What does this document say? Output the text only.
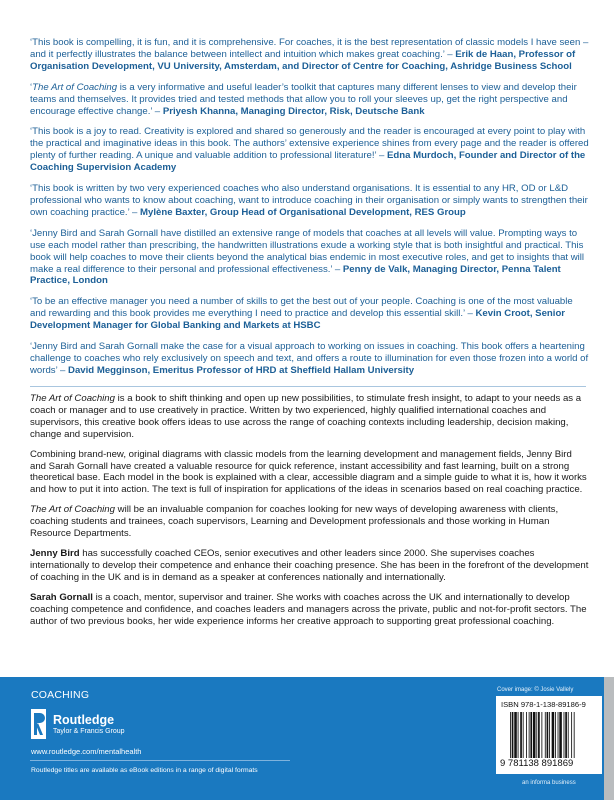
‘This book is compelling, it is fun, and it is comprehensive. For coaches, it is the best representation of classic models I have seen – and it perfectly illustrates the balance between intellect and intuition which makes great coaching.’ – Erik de Haan, Professor of Organisation Development, VU University, Amsterdam, and Director of Centre for Coaching, Ashridge Business School

‘The Art of Coaching is a very informative and useful leader’s toolkit that captures many different lenses to view and develop their teams and themselves. It provides tried and tested methods that allow you to roll your sleeves up, get the right perspective and encourage effective change.’ – Priyesh Khanna, Managing Director, Risk, Deutsche Bank

‘This book is a joy to read. Creativity is explored and shared so generously and the reader is encouraged at every point to play with the practical and imaginative ideas in this book. The authors’ extensive experience shines from every page and the reader is offered plenty of further reading. A unique and valuable addition to professional literature!’ – Edna Murdoch, Founder and Director of the Coaching Supervision Academy

‘This book is written by two very experienced coaches who also understand organisations. It is essential to any HR, OD or L&D professional who wants to know about coaching, want to introduce coaching in their organisation or simply wants to strengthen their own coaching practice.’ – Mylène Baxter, Group Head of Organisational Development, RES Group

‘Jenny Bird and Sarah Gornall have distilled an extensive range of models that coaches at all levels will value. Prompting ways to use each model rather than prescribing, the handwritten illustrations exude a working style that is both insightful and practical. This book will help coaches to move their clients beyond the analytical bias endemic in most executive roles, and get to insights that will make a real difference to their personal and professional effectiveness.’ – Penny de Valk, Managing Director, Penna Talent Practice, London

‘To be an effective manager you need a number of skills to get the best out of your people. Coaching is one of the most valuable and rewarding and this book provides me everything I need to practice and develop this essential skill.’ – Kevin Croot, Senior Development Manager for Global Banking and Markets at HSBC

‘Jenny Bird and Sarah Gornall make the case for a visual approach to working on issues in coaching. This book offers a heartening challenge to coaches who rely exclusively on speech and text, and offers a route to illumination for even those frozen into a world of words’ – David Megginson, Emeritus Professor of HRD at Sheffield Hallam University

The Art of Coaching is a book to shift thinking and open up new possibilities, to stimulate fresh insight, to adapt to your needs as a coach or manager and to use creatively in practice. Written by two experienced, highly qualified international coaches and supervisors, this creative book offers ideas to use across the range of coaching contexts including leadership, decision making, change and supervision.

Combining brand-new, original diagrams with classic models from the learning development and management fields, Jenny Bird and Sarah Gornall have created a valuable resource for quick reference, instant accessibility and fast learning, built on a strong theoretical base. Each model in the book is explained with a clear, accessible diagram and a simple guide to what it is, how it works and how to put it into action. The text is full of inspiration for applications of the ideas in scenarios based on real coaching practice.

The Art of Coaching will be an invaluable companion for coaches looking for new ways of developing awareness with clients, coaching students and trainees, coach supervisors, Learning and Development professionals and those working in Human Resource Departments.

Jenny Bird has successfully coached CEOs, senior executives and other leaders since 2000. She supervises coaches internationally to develop their competence and enhance their coaching presence. She has been in the forefront of the development of coaching in the UK and is in demand as a speaker at conferences nationally and internationally.

Sarah Gornall is a coach, mentor, supervisor and trainer. She works with coaches across the UK and internationally to develop coaching competence and confidence, and coaches leaders and managers across the private, public and not-for-profit sectors. The author of two previous books, her wide experience informs her creative approach to supporting great professional coaching.

COACHING
Routledge
Taylor & Francis Group
www.routledge.com/mentalhealth
Routledge titles are available as eBook editions in a range of digital formats
Cover image: © Josie Vallely
ISBN 978-1-138-89186-9
9 781138 891869
an informa business
